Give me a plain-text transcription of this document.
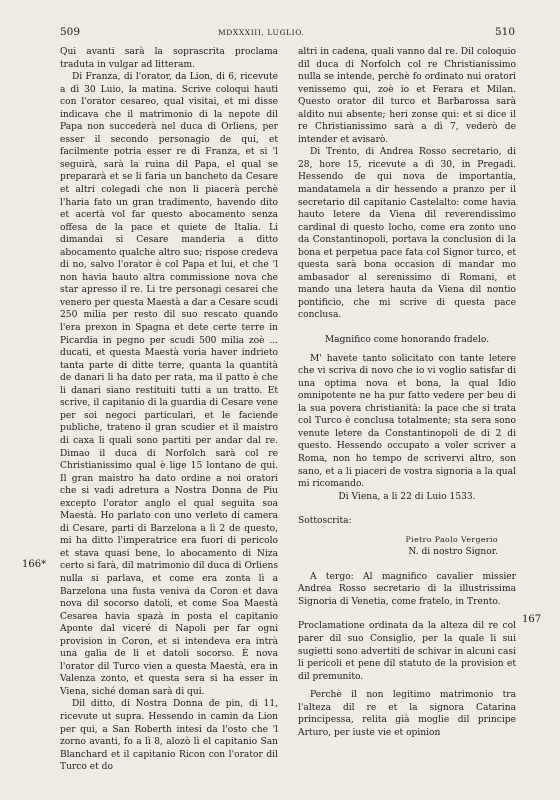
509	MDXXXIII, LUGLIO.	510

Qui avanti sarà la soprascrita proclama traduta in vulgar ad litteram.

Di Franza, di l'orator, da Lion, di 6, ricevute a dì 30 Luio, la matina. Scrive coloqui hauti con l'orator cesareo, qual visitai, et mi disse indicava che il matrimonio di la nepote dil Papa non succederà nel duca di Orliens, per esser il secondo personagio de qui, et facilmente potria esser re di Franza, et si 'l seguirà, sarà la ruina dil Papa, el qual se prepararà et se li faria un bancheto da Cesare et altri colegadi che non li piacerà perchè l'haria fato un gran tradimento, havendo dito et acertà vol far questo abocamento senza offesa de la pace et quiete de Italia. Li dimandai si Cesare manderia a ditto abocamento qualche altro suo; rispose credeva di no, salvo l'orator è col Papa et lui, et che 'l non havia hauto altra commissione nova che star apresso il re. Li tre personagi cesarei che venero per questa Maestà a dar a Cesare scudi 250 milia per resto dil suo rescato quando l'era prexon in Spagna et dete certe terre in Picardia in pegno per scudi 500 milia zoè ... ducati, et questa Maestà voria haver indrieto tanta parte di ditte terre, quanta la quantità de danari li ha dato per rata, ma il patto è che li danari siano restituiti tutti a un tratto. Et scrive, il capitanio di la guardia di Cesare vene per soi negoci particulari, et le faciende publiche, trateno il gran scudier et il maistro di caxa li quali sono partiti per andar dal re. Dimao il duca di Norfolch sarà col re Christianissimo qual è lige 15 lontano de qui. Il gran maistro ha dato ordine a noi oratori che si vadi adretura a Nostra Donna de Piu excepto l'orator anglo el qual seguita soa Maestà. Ho parlato con uno verleto di camera di Cesare, parti di Barzelona a lì 2 de questo, mi ha ditto l'imperatrice era fuori di pericolo et stava quasi bene, lo abocamento di Niza certo si farà, dil matrimonio dil duca di Orliens nulla si parlava, et come era zonta lì a Barzelona una fusta veniva da Coron et dava nova dil socorso datoli, et come Soa Maestà Cesarea havia spazà in posta el capitanio Aponte dal viceré di Napoli per far ogni provision in Coron, et si intendeva era intrà una galia de li et datoli socorso. È nova l'orator dil Turco vien a questa Maestà, era in Valenza zonto, et questa sera si ha esser in Viena, siché doman sarà di qui.

Dil ditto, di Nostra Donna de pin, di 11, ricevute ut supra. Hessendo in camin da Lion per qui, a San Roberth intesi da l'osto che 'l zorno avanti, fo a lì 8, alozò lì el capitanio San Blanchard et il capitanio Ricon con l'orator dil Turco et do

altri in cadena, quali vanno dal re. Dil coloquio dil duca di Norfolch col re Christianissimo nulla se intende, perchè fo ordinato nui oratori venissemo qui, zoè io et Ferara et Milan. Questo orator dil turco et Barbarossa sarà aldito nui absente; heri zonse qui: et si dice il re Christianissimo sarà a dì 7, vederò de intender et avisarò.

Di Trento, di Andrea Rosso secretario, di 28, hore 15, ricevute a dì 30, in Pregadi. Hessendo de qui nova de importantia, mandatamela a dir hessendo a pranzo per il secretario dil capitanio Castelalto: come havia hauto letere da Viena dil reverendissimo cardinal di questo locho, come era zonto uno da Constantinopoli, portava la conclusion di la bona et perpetua pace fata col Signor turco, et questa sarà bona occasion di mandar mo ambasador al serenissimo di Romani, et mando una letera hauta da Viena dil nontio pontificio, che mi scrive di questa pace conclusa.

Magnifico come honorando fradelo.

M' havete tanto solicitato con tante letere che vi scriva di novo che io vi voglio satisfar di una optima nova et bona, la qual Idio omnipotente ne ha pur fatto vedere per beu di la sua povera christianità: la pace che si trata col Turco è conclusa totalmente; sta sera sono venute letere da Constantinopoli de di 2 di questo. Hessendo occupato a voler scriver a Roma, non ho tempo de scrivervi altro, son sano, et a li piaceri de vostra signoria a la qual mi ricomando.

Di Viena, a li 22 di Luio 1533.

Sottoscrita:

Pietro Paolo Vergerio

N. di nostro Signor.

A tergo: Al magnifico cavalier missier Andrea Rosso secretario di la illustrissima Signoria di Venetia, come fratelo, in Trento.

Proclamatione ordinata da la alteza dil re col parer dil suo Consiglio, per la quale li sui sugietti sono advertiti de schivar in alcuni casi li pericoli et pene dil statuto de la provision et dil premunito.

Perchè il non legitimo matrimonio tra l'alteza dil re et la signora Catarina principessa, relita già moglie dil principe Arturo, per iuste vie et opinion

166*
167
